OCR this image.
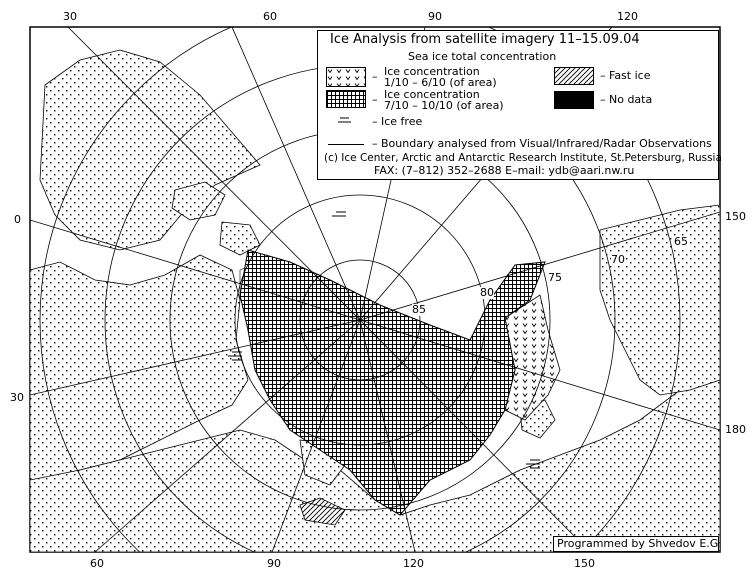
30	60	90	120
60	90	120	150
0
30
150
180
85
80
75
70
65
Ice Analysis from satellite imagery 11–15.09.04
Sea ice total concentration
– Ice concentration
1/10 – 6/10 (of area)
– Ice concentration
7/10 – 10/10 (of area)
– Ice free
– Fast ice
– No data
– Boundary analysed from Visual/Infrared/Radar Observations
(c) Ice Center, Arctic and Antarctic Research Institute, St.Petersburg, Russia
FAX: (7–812) 352–2688 E–mail: ydb@aari.nw.ru
Programmed by Shvedov E.G.
